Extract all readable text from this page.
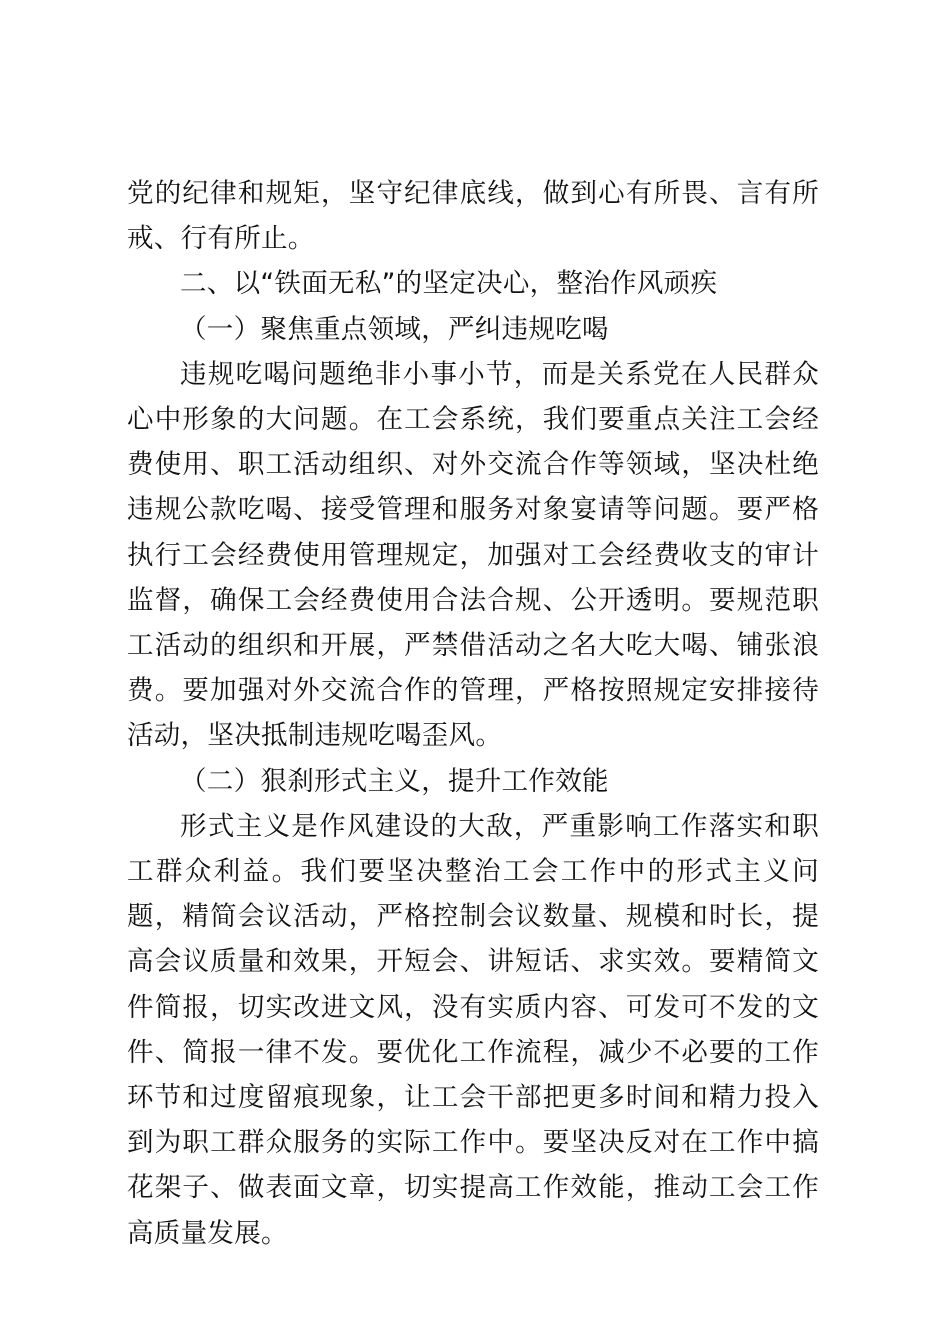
党的纪律和规矩，坚守纪律底线，做到心有所畏、言有所戒、行有所止。

二、以“铁面无私”的坚定决心，整治作风顽疾

（一）聚焦重点领域，严纠违规吃喝

违规吃喝问题绝非小事小节，而是关系党在人民群众心中形象的大问题。在工会系统，我们要重点关注工会经费使用、职工活动组织、对外交流合作等领域，坚决杜绝违规公款吃喝、接受管理和服务对象宴请等问题。要严格执行工会经费使用管理规定，加强对工会经费收支的审计监督，确保工会经费使用合法合规、公开透明。要规范职工活动的组织和开展，严禁借活动之名大吃大喝、铺张浪费。要加强对外交流合作的管理，严格按照规定安排接待活动，坚决抵制违规吃喝歪风。

（二）狠刹形式主义，提升工作效能

形式主义是作风建设的大敌，严重影响工作落实和职工群众利益。我们要坚决整治工会工作中的形式主义问题，精简会议活动，严格控制会议数量、规模和时长，提高会议质量和效果，开短会、讲短话、求实效。要精简文件简报，切实改进文风，没有实质内容、可发可不发的文件、简报一律不发。要优化工作流程，减少不必要的工作环节和过度留痕现象，让工会干部把更多时间和精力投入到为职工群众服务的实际工作中。要坚决反对在工作中搞花架子、做表面文章，切实提高工作效能，推动工会工作高质量发展。
